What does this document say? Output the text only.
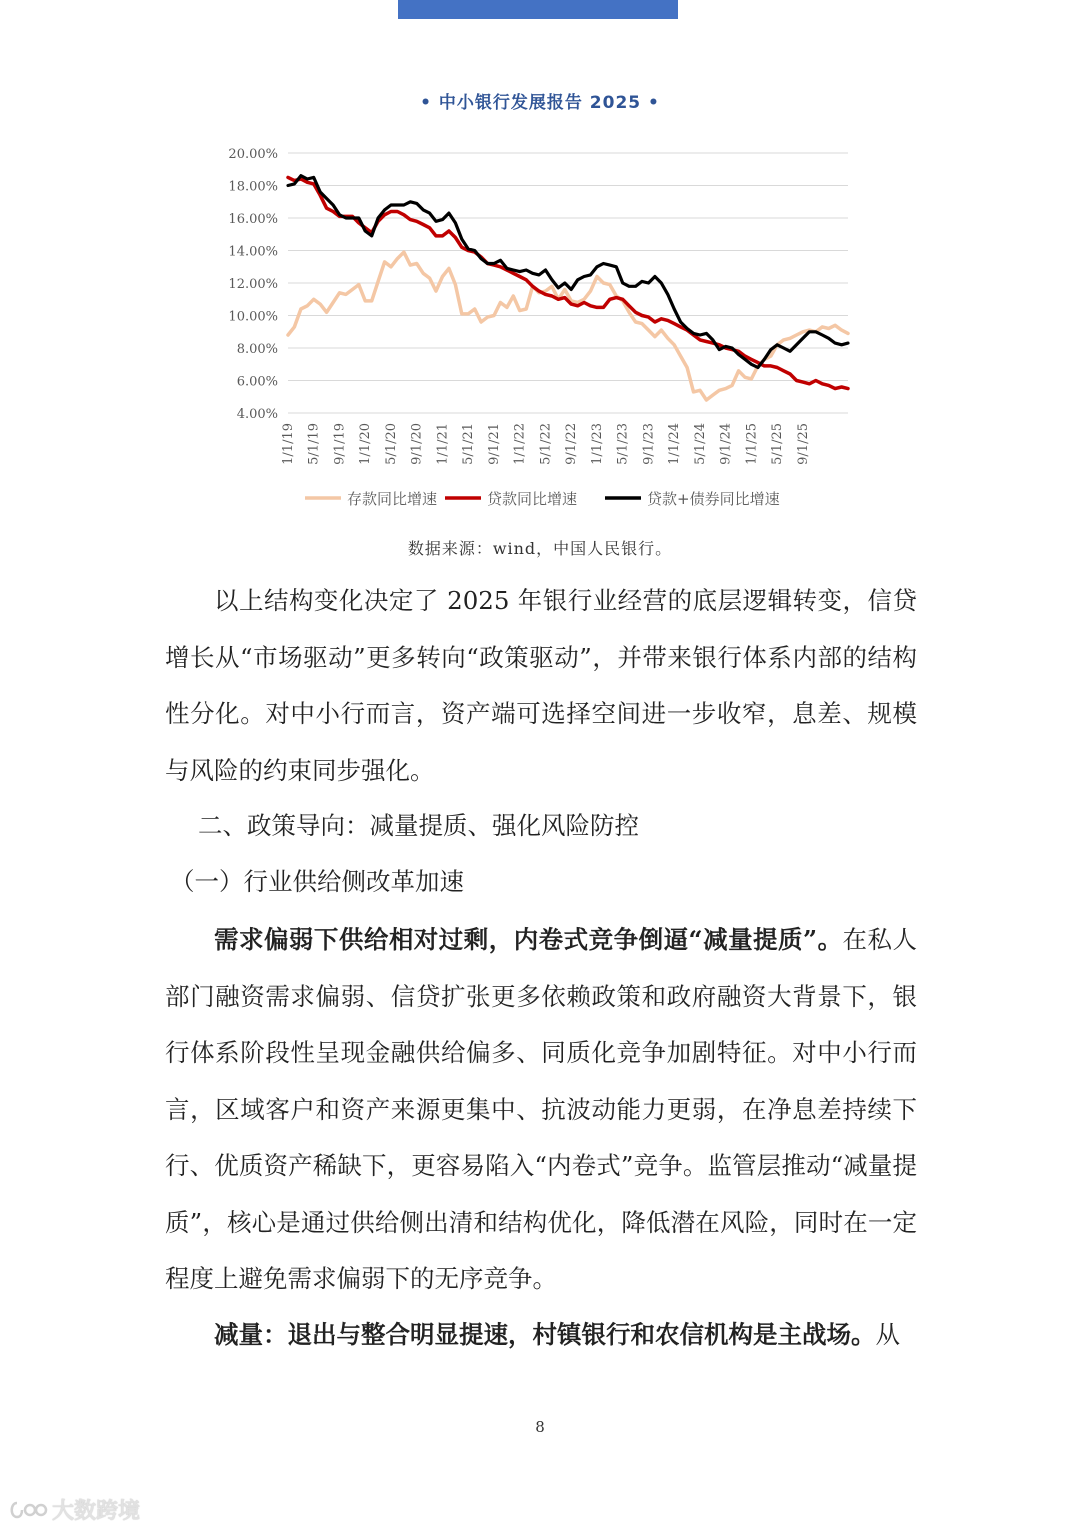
• 中小银行发展报告 2025 •
4.00%
6.00%
8.00%
10.00%
12.00%
14.00%
16.00%
18.00%
20.00%
1/1/19 5/1/19 9/1/19 1/1/20 5/1/20 9/1/20 1/1/21 5/1/21 9/1/21 1/1/22 5/1/22 9/1/22 1/1/23 5/1/23 9/1/23 1/1/24 5/1/24 9/1/24 1/1/25 5/1/25 9/1/25
存款同比增速	贷款同比增速	贷款+债券同比增速
数据来源：wind，中国人民银行。

以上结构变化决定了 2025 年银行业经营的底层逻辑转变，信贷增长从“市场驱动”更多转向“政策驱动”，并带来银行体系内部的结构性分化。对中小行而言，资产端可选择空间进一步收窄，息差、规模与风险的约束同步强化。

二、政策导向：减量提质、强化风险防控

（一）行业供给侧改革加速

需求偏弱下供给相对过剩，内卷式竞争倒逼“减量提质”。在私人部门融资需求偏弱、信贷扩张更多依赖政策和政府融资大背景下，银行体系阶段性呈现金融供给偏多、同质化竞争加剧特征。对中小行而言，区域客户和资产来源更集中、抗波动能力更弱，在净息差持续下行、优质资产稀缺下，更容易陷入“内卷式”竞争。监管层推动“减量提质”，核心是通过供给侧出清和结构优化，降低潜在风险，同时在一定程度上避免需求偏弱下的无序竞争。

减量：退出与整合明显提速，村镇银行和农信机构是主战场。从

8
大数跨境
